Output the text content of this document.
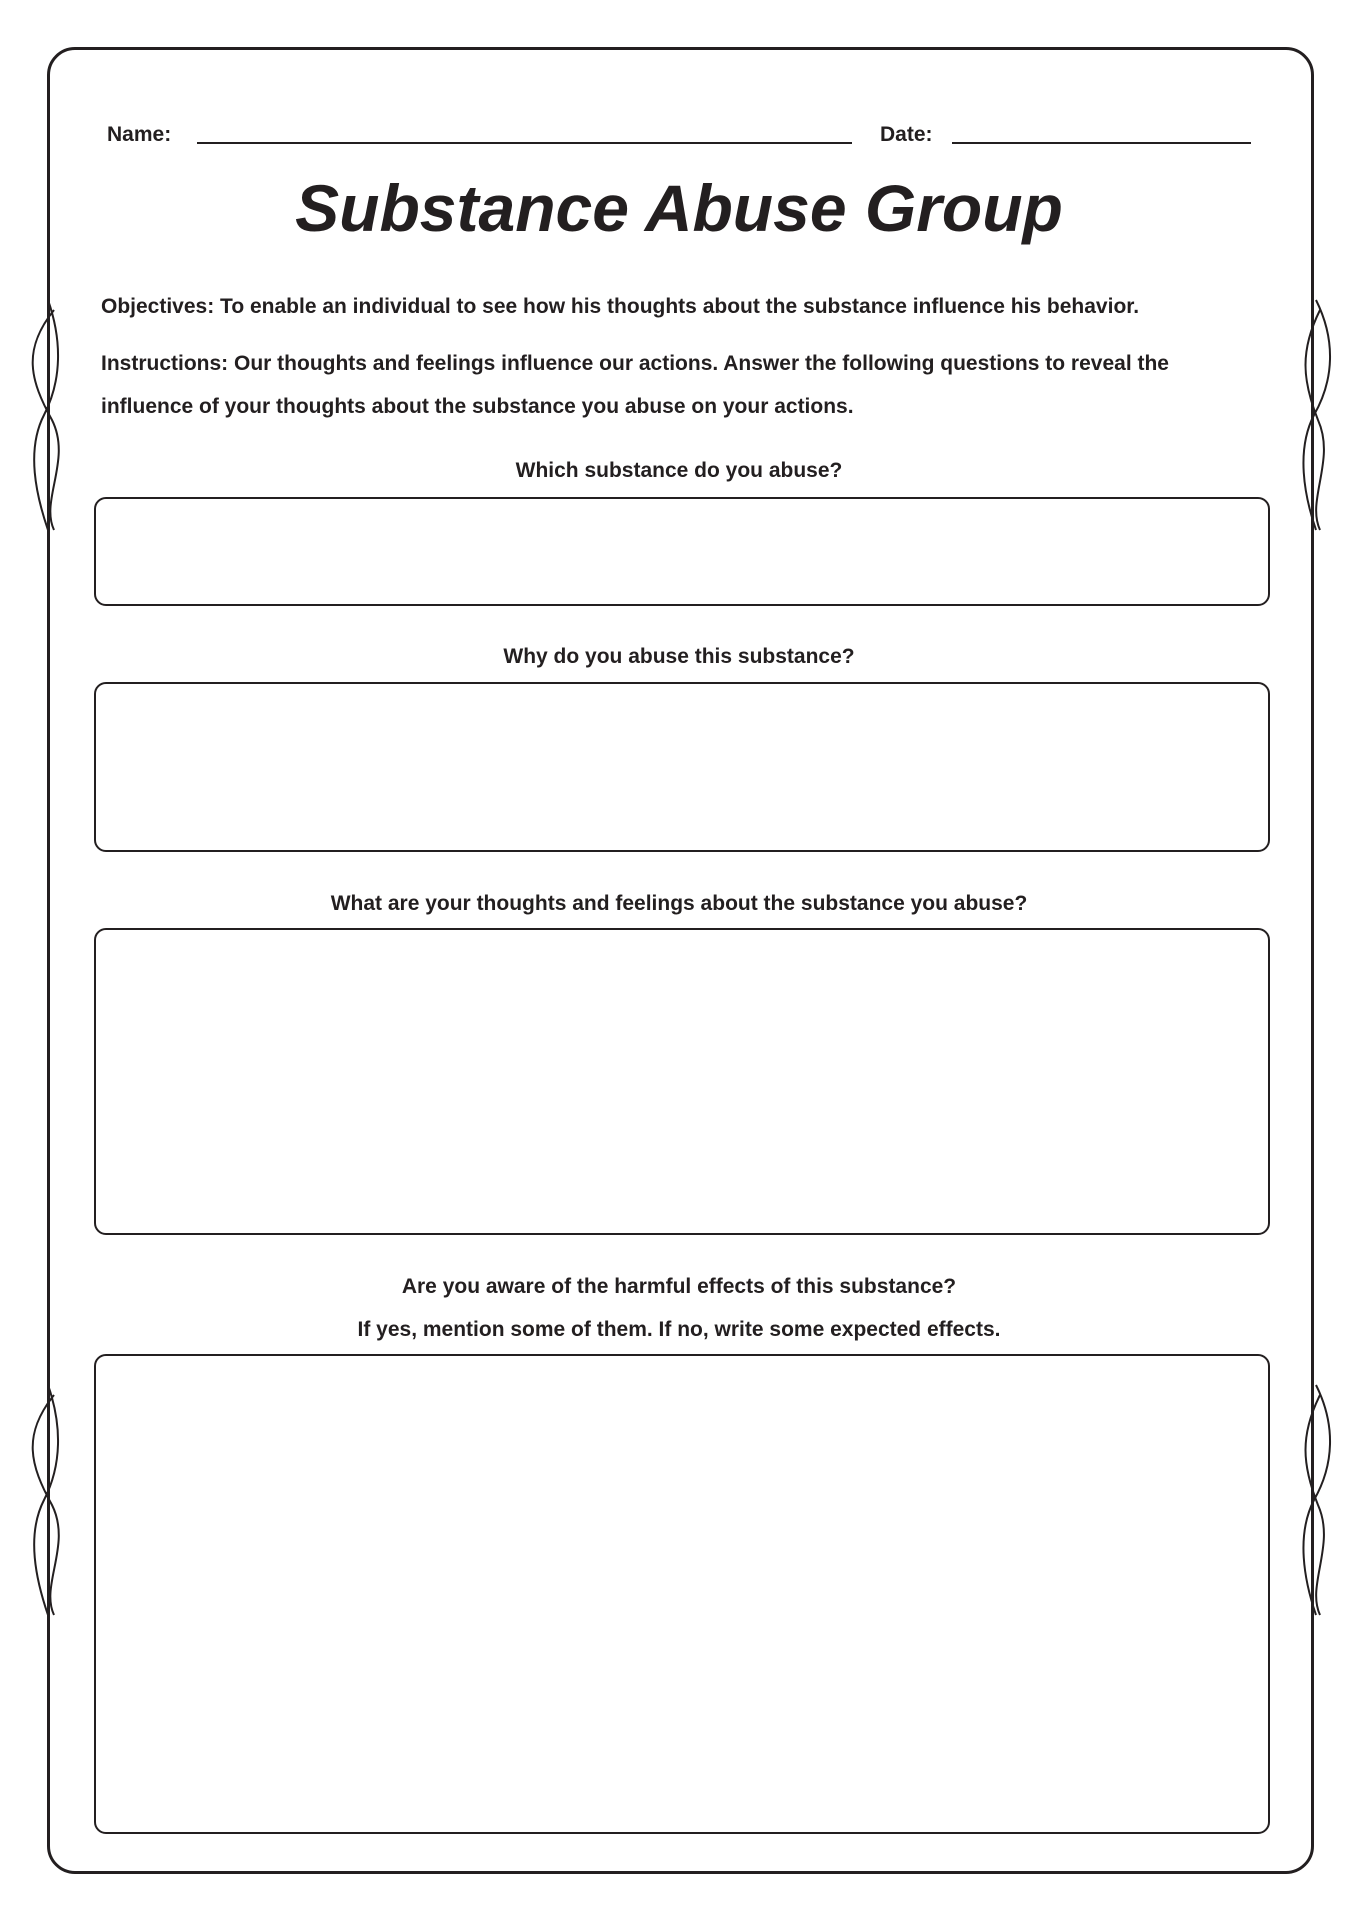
Name:	Date:
Substance Abuse Group
Objectives: To enable an individual to see how his thoughts about the substance influence his behavior.
Instructions: Our thoughts and feelings influence our actions. Answer the following questions to reveal the influence of your thoughts about the substance you abuse on your actions.
Which substance do you abuse?
Why do you abuse this substance?
What are your thoughts and feelings about the substance you abuse?
Are you aware of the harmful effects of this substance?
If yes, mention some of them. If no, write some expected effects.
